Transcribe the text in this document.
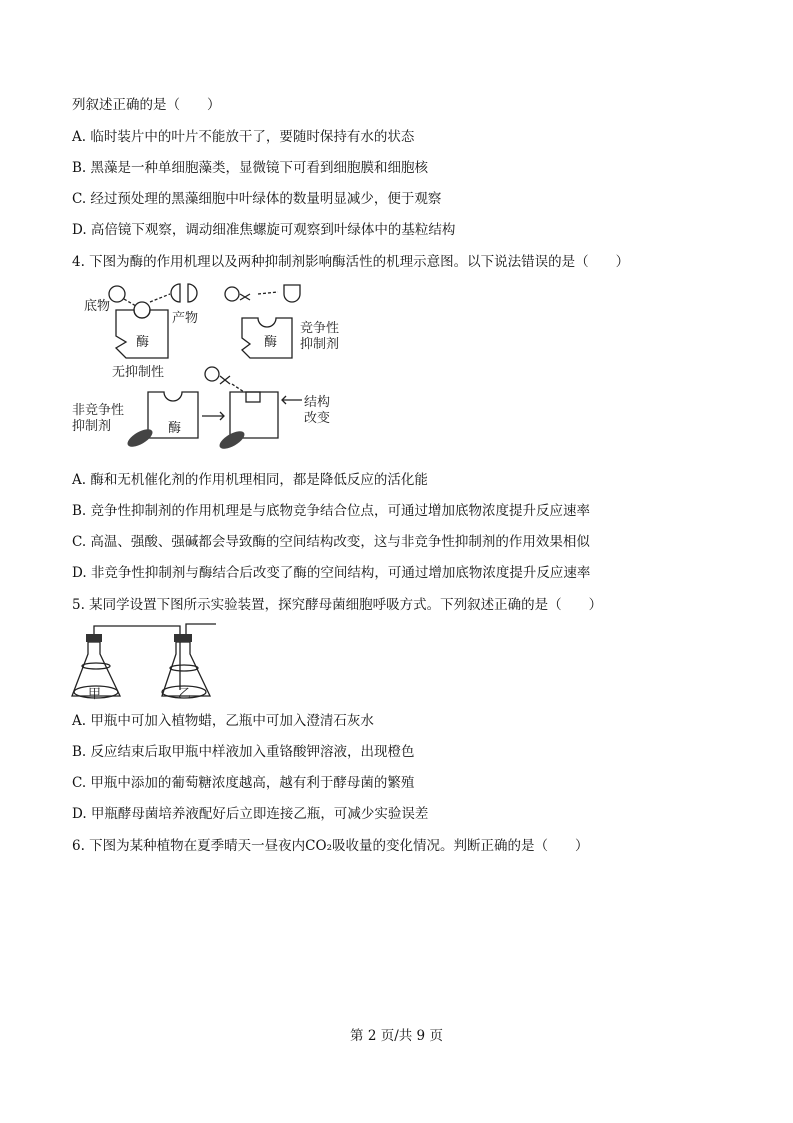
列叙述正确的是（　　）
A. 临时装片中的叶片不能放干了，要随时保持有水的状态
B. 黑藻是一种单细胞藻类，显微镜下可看到细胞膜和细胞核
C. 经过预处理的黑藻细胞中叶绿体的数量明显减少，便于观察
D. 高倍镜下观察，调动细准焦螺旋可观察到叶绿体中的基粒结构
4. 下图为酶的作用机理以及两种抑制剂影响酶活性的机理示意图。以下说法错误的是（　　）
底物
产物
酶
无抑制性
酶
竞争性
抑制剂
非竞争性
抑制剂	酶
结构
改变
A. 酶和无机催化剂的作用机理相同，都是降低反应的活化能
B. 竞争性抑制剂的作用机理是与底物竞争结合位点，可通过增加底物浓度提升反应速率
C. 高温、强酸、强碱都会导致酶的空间结构改变，这与非竞争性抑制剂的作用效果相似
D. 非竞争性抑制剂与酶结合后改变了酶的空间结构，可通过增加底物浓度提升反应速率
5. 某同学设置下图所示实验装置，探究酵母菌细胞呼吸方式。下列叙述正确的是（　　）
甲	乙
A. 甲瓶中可加入植物蜡，乙瓶中可加入澄清石灰水
B. 反应结束后取甲瓶中样液加入重铬酸钾溶液，出现橙色
C. 甲瓶中添加的葡萄糖浓度越高，越有利于酵母菌的繁殖
D. 甲瓶酵母菌培养液配好后立即连接乙瓶，可减少实验误差
6. 下图为某种植物在夏季晴天一昼夜内CO₂吸收量的变化情况。判断正确的是（　　）
第 2 页/共 9 页
